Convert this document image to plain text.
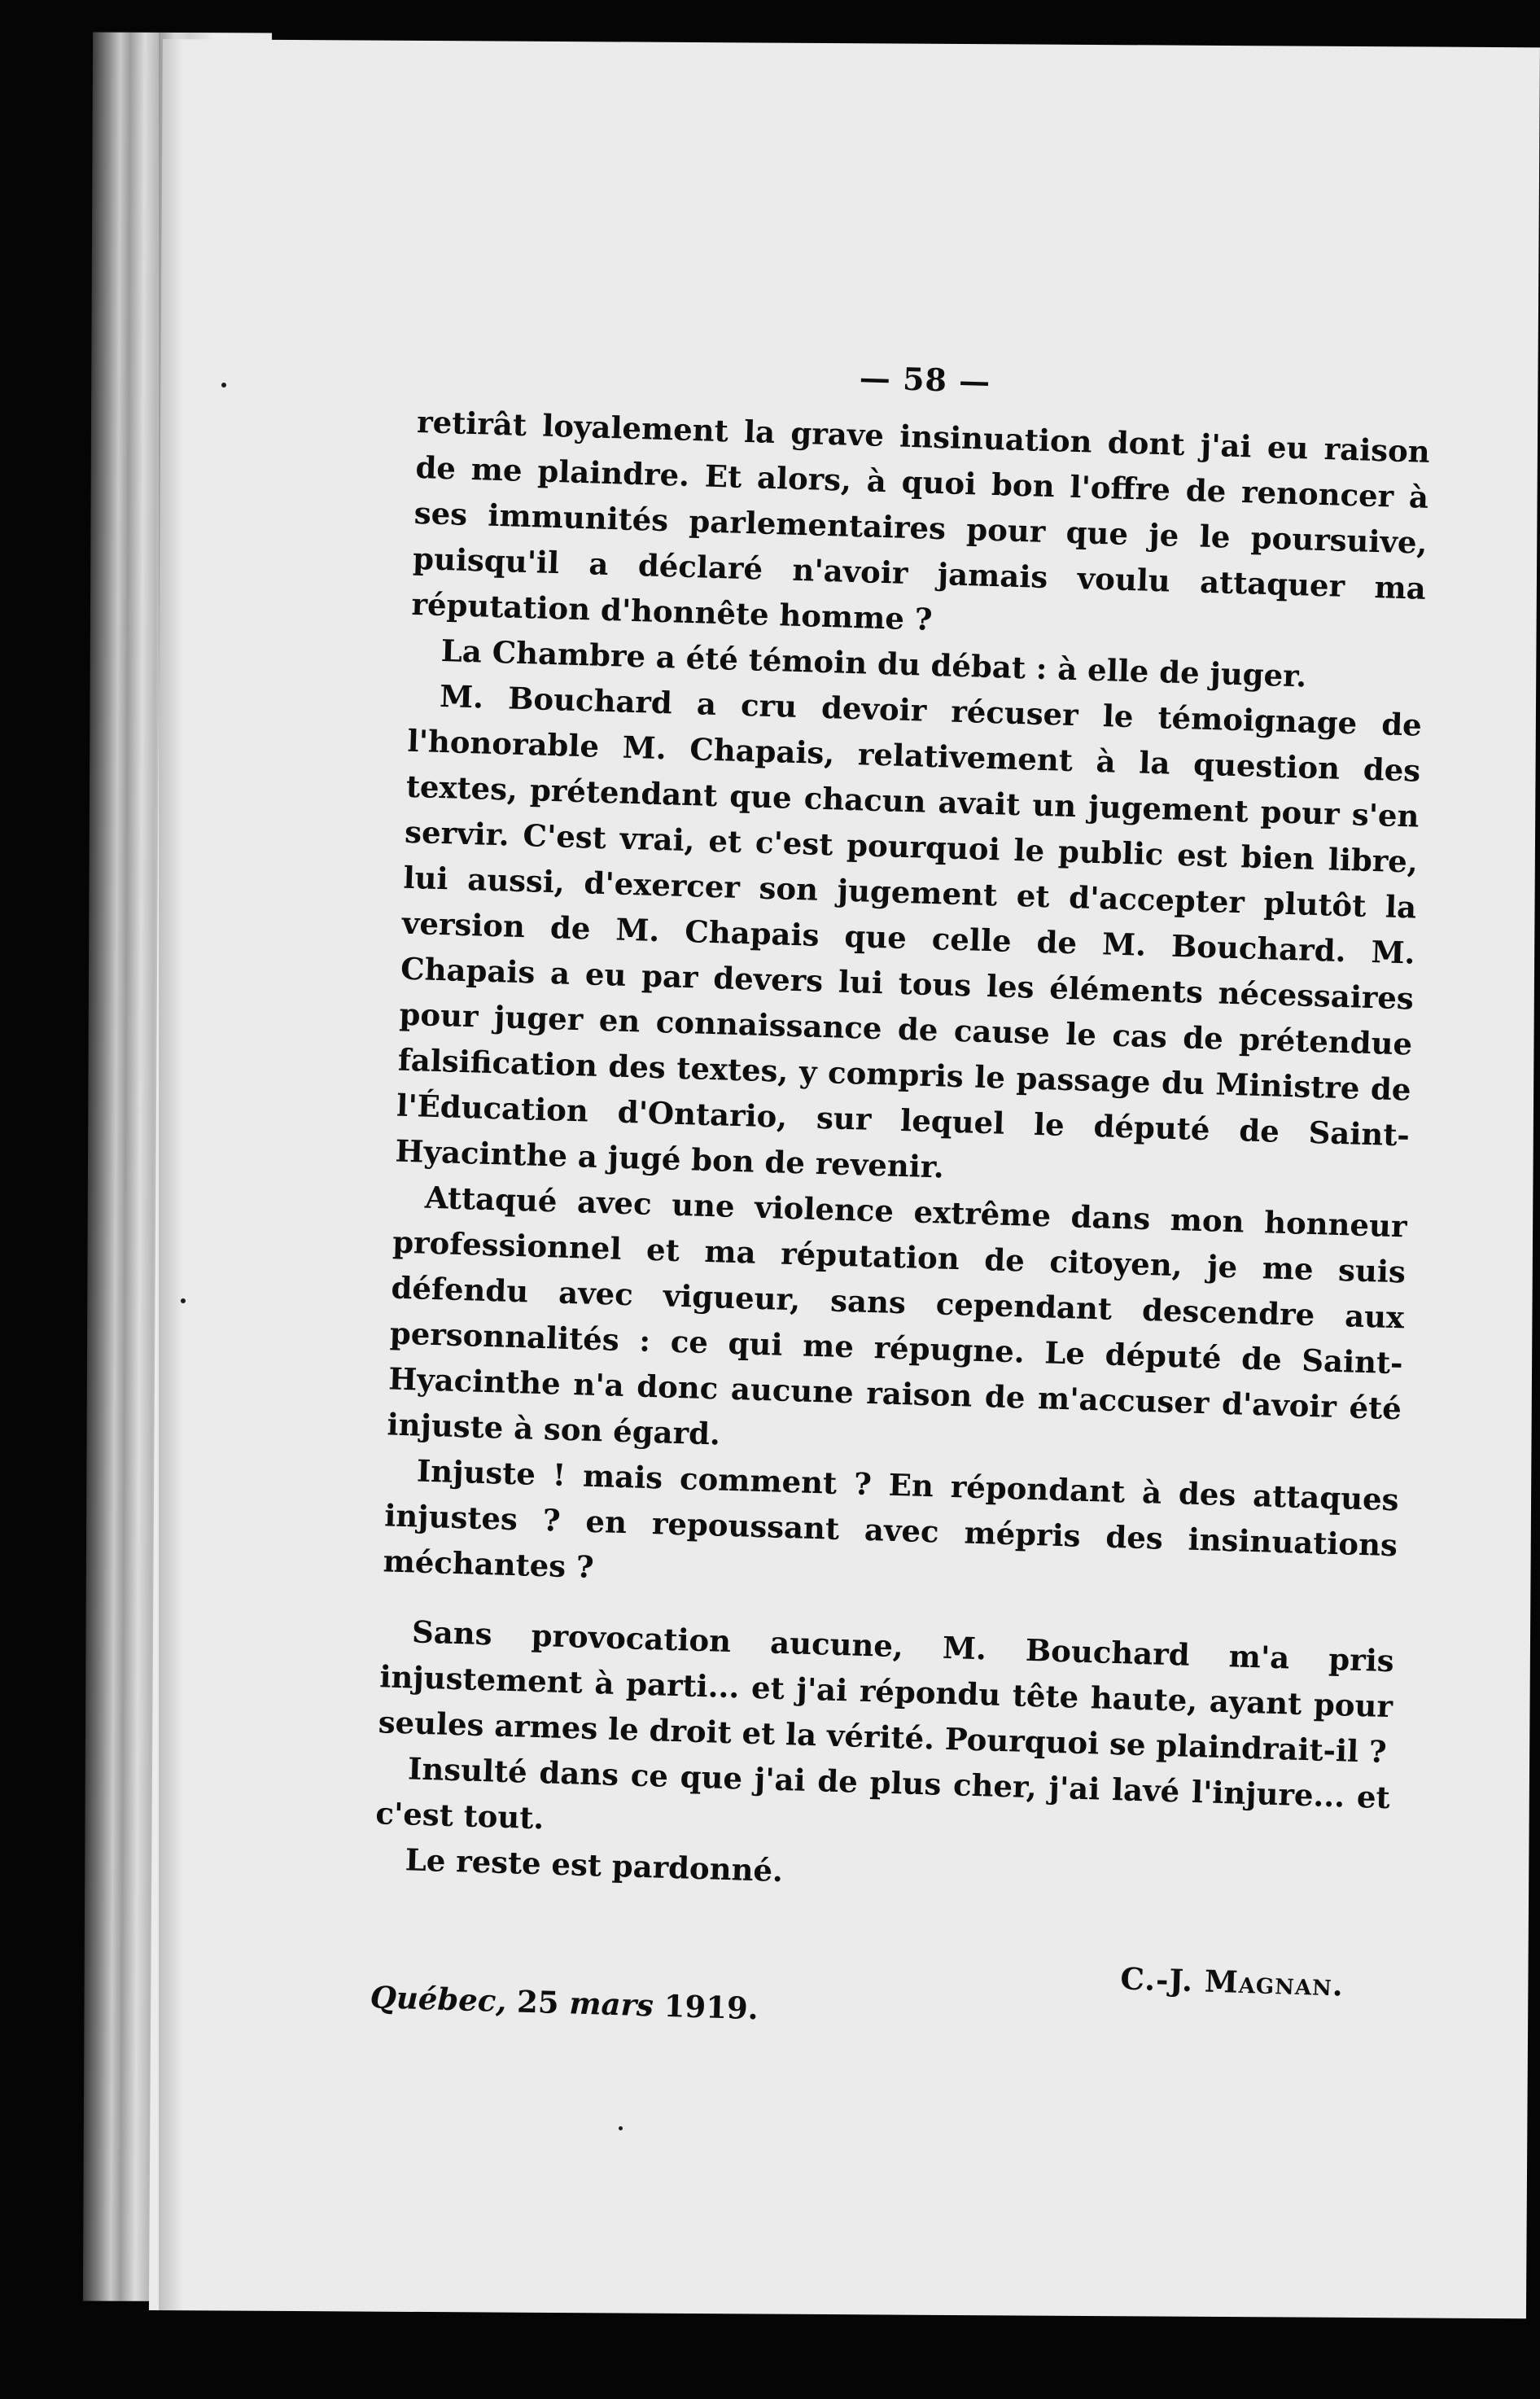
— 58 —

retirât loyalement la grave insinuation dont j'ai eu raison de me plaindre. Et alors, à quoi bon l'offre de renoncer à ses immunités parlementaires pour que je le poursuive, puisqu'il a déclaré n'avoir jamais voulu attaquer ma réputation d'honnête homme ?

La Chambre a été témoin du débat : à elle de juger.

M. Bouchard a cru devoir récuser le témoignage de l'honorable M. Chapais, relativement à la question des textes, prétendant que chacun avait un jugement pour s'en servir. C'est vrai, et c'est pourquoi le public est bien libre, lui aussi, d'exercer son jugement et d'accepter plutôt la version de M. Chapais que celle de M. Bouchard. M. Chapais a eu par devers lui tous les éléments nécessaires pour juger en connaissance de cause le cas de prétendue falsification des textes, y compris le passage du Ministre de l'Éducation d'Ontario, sur lequel le député de Saint-Hyacinthe a jugé bon de revenir.

Attaqué avec une violence extrême dans mon honneur professionnel et ma réputation de citoyen, je me suis défendu avec vigueur, sans cependant descendre aux personnalités : ce qui me répugne. Le député de Saint-Hyacinthe n'a donc aucune raison de m'accuser d'avoir été injuste à son égard.

Injuste ! mais comment ? En répondant à des attaques injustes ? en repoussant avec mépris des insinuations méchantes ?

Sans provocation aucune, M. Bouchard m'a pris injustement à parti... et j'ai répondu tête haute, ayant pour seules armes le droit et la vérité. Pourquoi se plaindrait-il ?

Insulté dans ce que j'ai de plus cher, j'ai lavé l'injure... et c'est tout.

Le reste est pardonné.

C.-J. Magnan.
Québec, 25 mars 1919.
